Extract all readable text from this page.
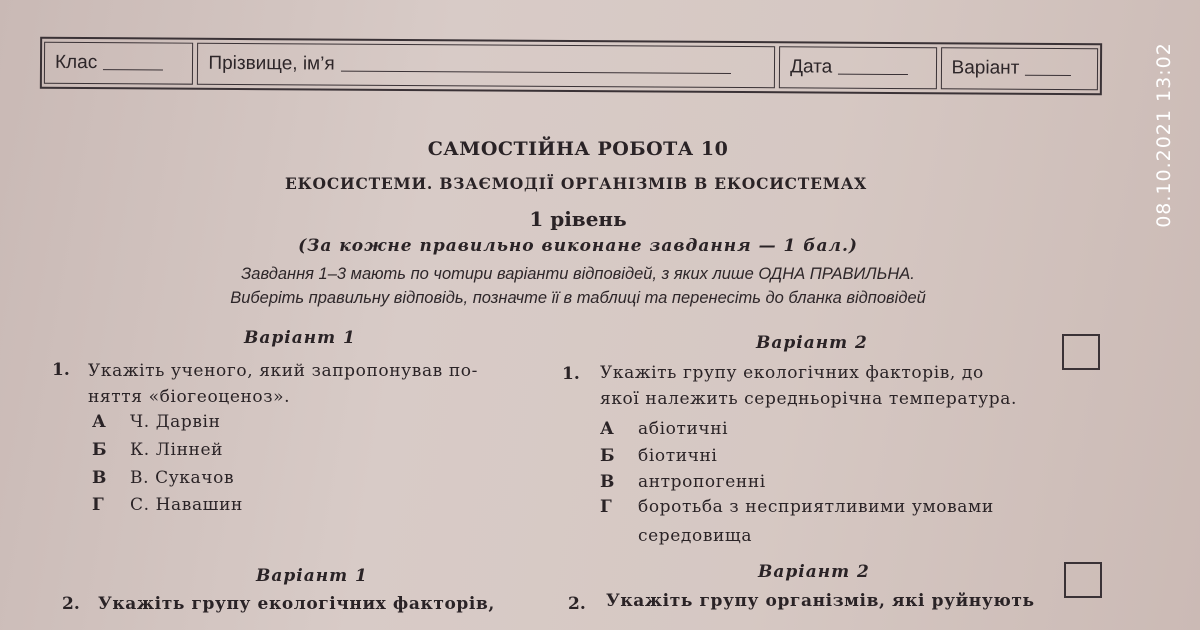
Клас	Прізвище, ім’я	Дата	Варіант
САМОСТІЙНА РОБОТА 10
ЕКОСИСТЕМИ. ВЗАЄМОДІЇ ОРГАНІЗМІВ В ЕКОСИСТЕМАХ
1 рівень
(За кожне правильно виконане завдання — 1 бал.)
Завдання 1–3 мають по чотири варіанти відповідей, з яких лише ОДНА ПРАВИЛЬНА.
Виберіть правильну відповідь, позначте її в таблиці та перенесіть до бланка відповідей
Варіант 1
1. Укажіть ученого, який запропонував по-
няття «біогеоценоз».
А Ч. Дарвін
Б К. Лінней
В В. Сукачов
Г С. Навашин
Варіант 2
1. Укажіть групу екологічних факторів, до
якої належить середньорічна температура.
А абіотичні
Б біотичні
В антропогенні
Г боротьба з несприятливими умовами
середовища
Варіант 1
2. Укажіть групу екологічних факторів,
Варіант 2
2. Укажіть групу організмів, які руйнують
08.10.2021 13:02
